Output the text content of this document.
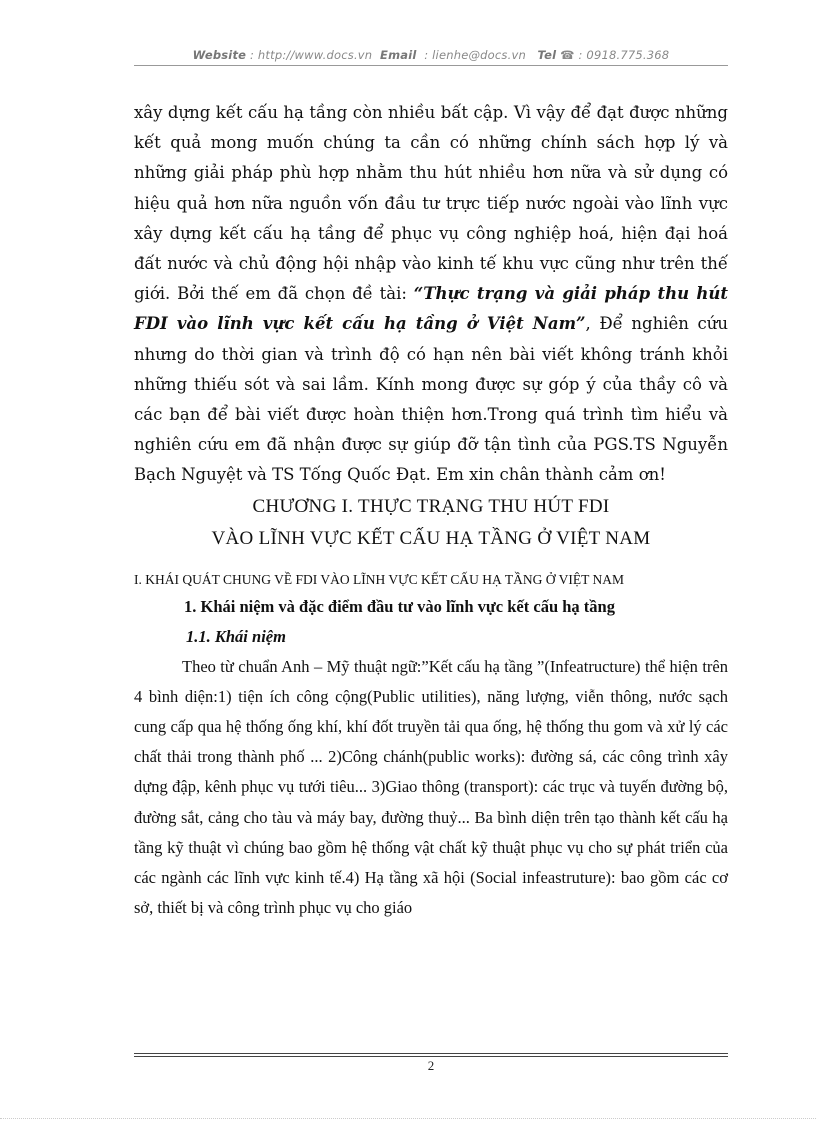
Website : http://www.docs.vn Email : lienhe@docs.vn Tel ☎ : 0918.775.368

xây dựng kết cấu hạ tầng còn nhiều bất cập. Vì vậy để đạt được những kết quả mong muốn chúng ta cần có những chính sách hợp lý và những giải pháp phù hợp nhằm thu hút nhiều hơn nữa và sử dụng có hiệu quả hơn nữa nguồn vốn đầu tư trực tiếp nước ngoài vào lĩnh vực xây dựng kết cấu hạ tầng để phục vụ công nghiệp hoá, hiện đại hoá đất nước và chủ động hội nhập vào kinh tế khu vực cũng như trên thế giới. Bởi thế em đã chọn đề tài: “Thực trạng và giải pháp thu hút FDI vào lĩnh vực kết cấu hạ tầng ở Việt Nam”, Để nghiên cứu nhưng do thời gian và trình độ có hạn nên bài viết không tránh khỏi những thiếu sót và sai lầm. Kính mong được sự góp ý của thầy cô và các bạn để bài viết được hoàn thiện hơn.Trong quá trình tìm hiểu và nghiên cứu em đã nhận được sự giúp đỡ tận tình của PGS.TS Nguyễn Bạch Nguyệt và TS Tống Quốc Đạt. Em xin chân thành cảm ơn!

CHƯƠNG I. THỰC TRẠNG THU HÚT FDI
VÀO LĨNH VỰC KẾT CẤU HẠ TẦNG Ở VIỆT NAM

I. KHÁI QUÁT CHUNG VỀ FDI VÀO LĨNH VỰC KẾT CẤU HẠ TẦNG Ở VIỆT NAM

1. Khái niệm và đặc điểm đầu tư vào lĩnh vực kết cấu hạ tầng

1.1. Khái niệm

Theo từ chuẩn Anh – Mỹ thuật ngữ:”Kết cấu hạ tầng ”(Infeatructure) thể hiện trên 4 bình diện:1) tiện ích công cộng(Public utilities), năng lượng, viễn thông, nước sạch cung cấp qua hệ thống ống khí, khí đốt truyền tải qua ống, hệ thống thu gom và xử lý các chất thải trong thành phố ... 2)Công chánh(public works): đường sá, các công trình xây dựng đập, kênh phục vụ tưới tiêu... 3)Giao thông (transport): các trục và tuyến đường bộ, đường sắt, cảng cho tàu và máy bay, đường thuỷ... Ba bình diện trên tạo thành kết cấu hạ tầng kỹ thuật vì chúng bao gồm hệ thống vật chất kỹ thuật phục vụ cho sự phát triển của các ngành các lĩnh vực kinh tế.4) Hạ tầng xã hội (Social infeastruture): bao gồm các cơ sở, thiết bị và công trình phục vụ cho giáo

2
